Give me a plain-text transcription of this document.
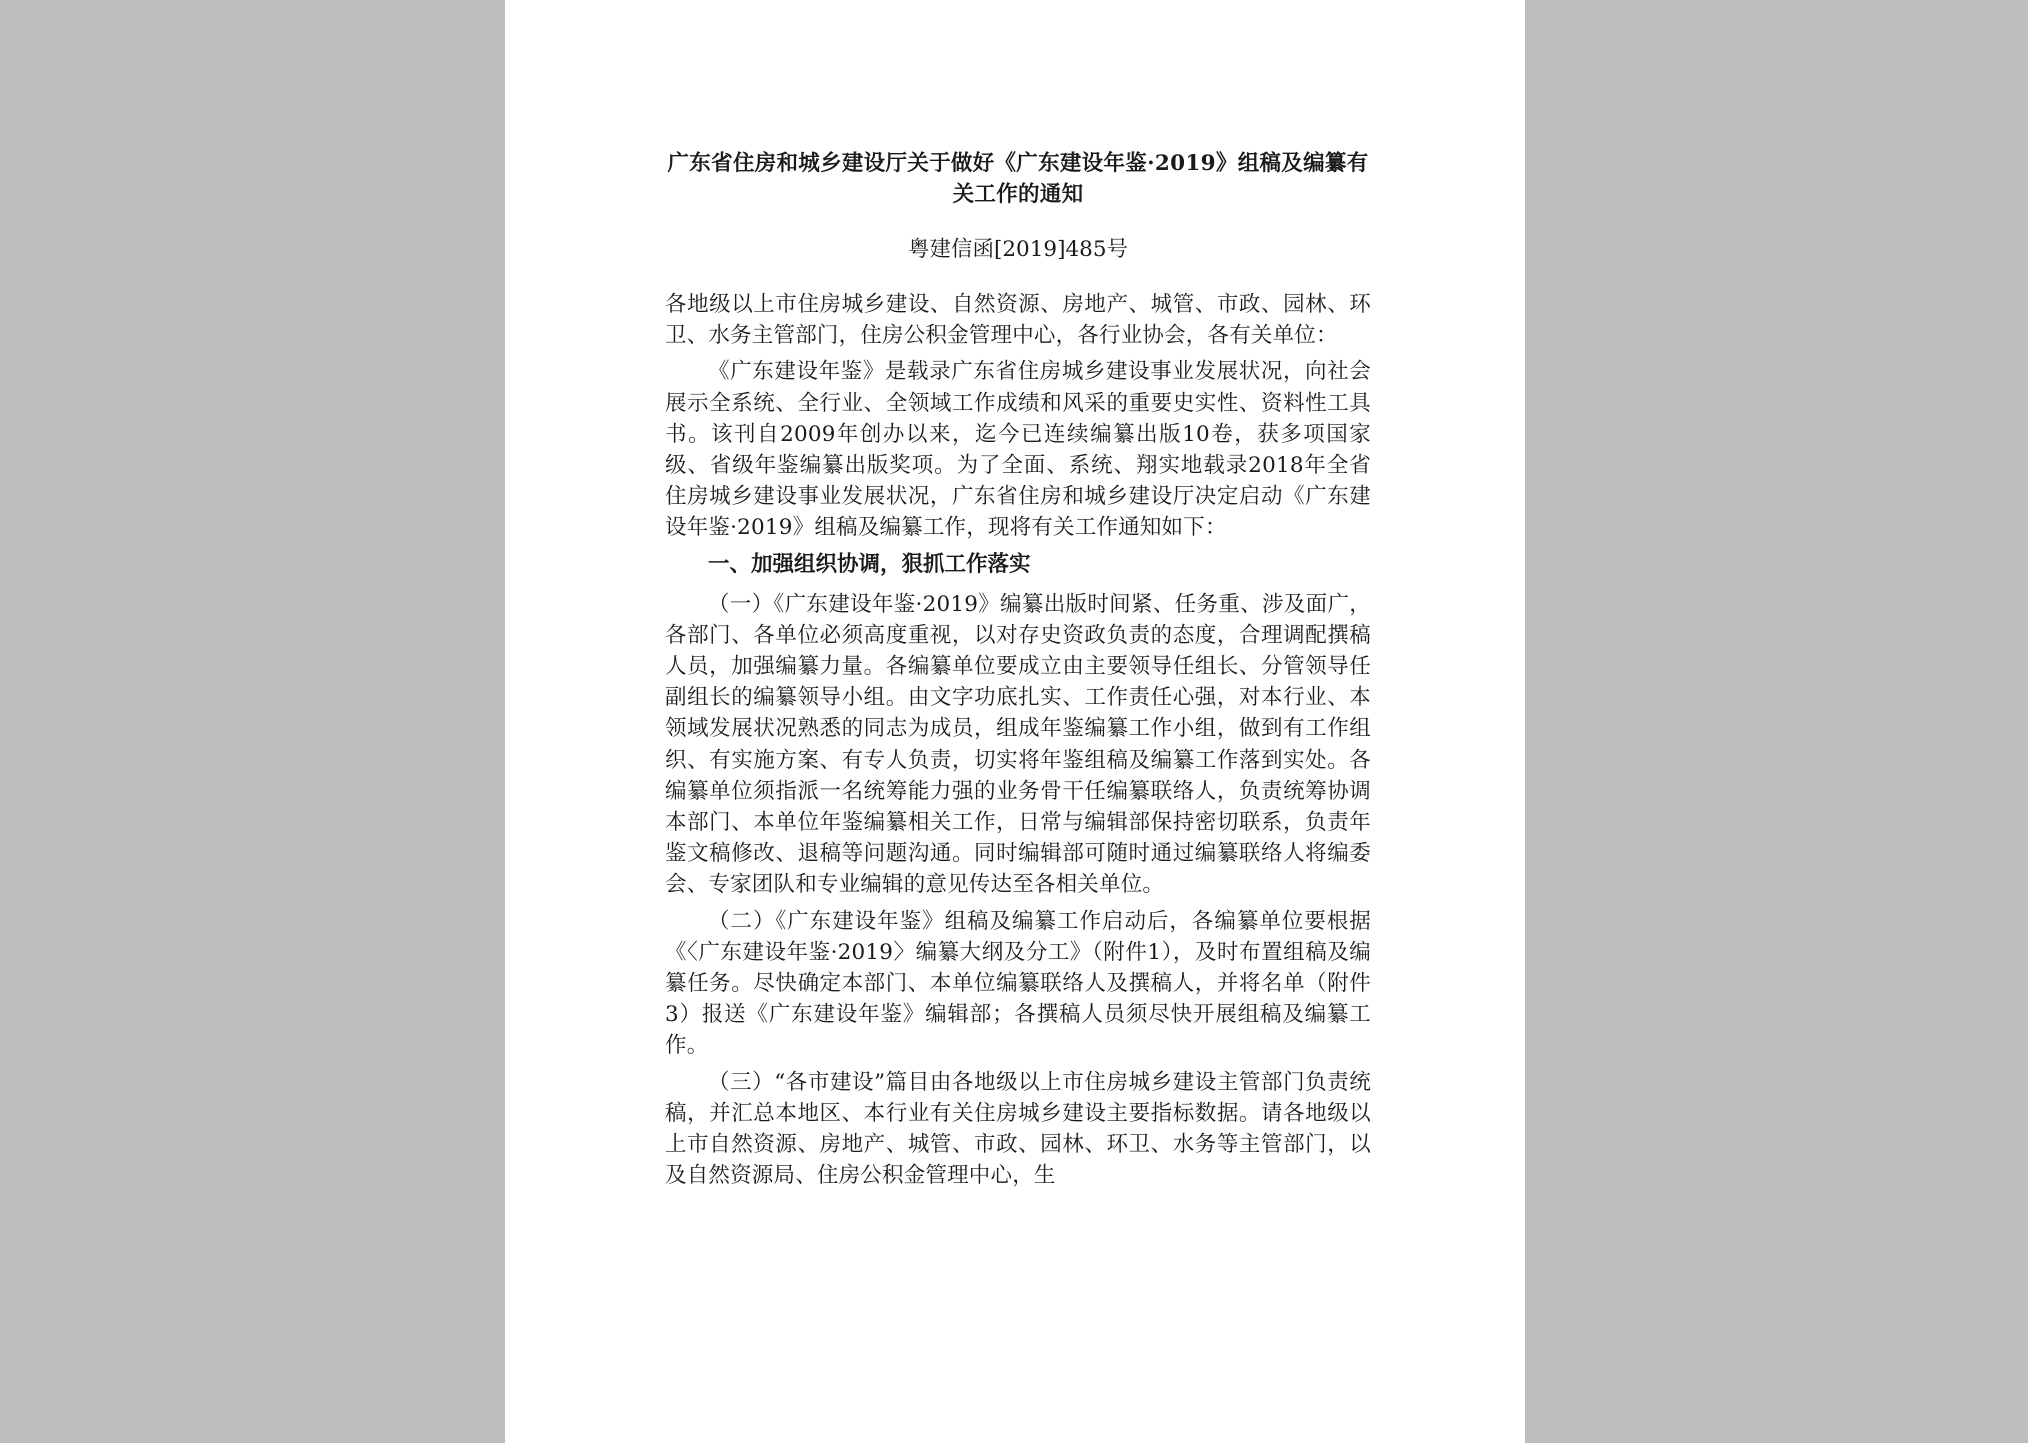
广东省住房和城乡建设厅关于做好《广东建设年鉴·2019》组稿及编纂有关工作的通知
粤建信函[2019]485号

各地级以上市住房城乡建设、自然资源、房地产、城管、市政、园林、环卫、水务主管部门，住房公积金管理中心，各行业协会，各有关单位：

《广东建设年鉴》是载录广东省住房城乡建设事业发展状况，向社会展示全系统、全行业、全领域工作成绩和风采的重要史实性、资料性工具书。该刊自2009年创办以来，迄今已连续编纂出版10卷，获多项国家级、省级年鉴编纂出版奖项。为了全面、系统、翔实地载录2018年全省住房城乡建设事业发展状况，广东省住房和城乡建设厅决定启动《广东建设年鉴·2019》组稿及编纂工作，现将有关工作通知如下：

一、加强组织协调，狠抓工作落实

（一）《广东建设年鉴·2019》编纂出版时间紧、任务重、涉及面广，各部门、各单位必须高度重视，以对存史资政负责的态度，合理调配撰稿人员，加强编纂力量。各编纂单位要成立由主要领导任组长、分管领导任副组长的编纂领导小组。由文字功底扎实、工作责任心强，对本行业、本领域发展状况熟悉的同志为成员，组成年鉴编纂工作小组，做到有工作组织、有实施方案、有专人负责，切实将年鉴组稿及编纂工作落到实处。各编纂单位须指派一名统筹能力强的业务骨干任编纂联络人，负责统筹协调本部门、本单位年鉴编纂相关工作，日常与编辑部保持密切联系，负责年鉴文稿修改、退稿等问题沟通。同时编辑部可随时通过编纂联络人将编委会、专家团队和专业编辑的意见传达至各相关单位。

（二）《广东建设年鉴》组稿及编纂工作启动后，各编纂单位要根据《〈广东建设年鉴·2019〉编纂大纲及分工》（附件1），及时布置组稿及编纂任务。尽快确定本部门、本单位编纂联络人及撰稿人，并将名单（附件3）报送《广东建设年鉴》编辑部；各撰稿人员须尽快开展组稿及编纂工作。

（三）“各市建设”篇目由各地级以上市住房城乡建设主管部门负责统稿，并汇总本地区、本行业有关住房城乡建设主要指标数据。请各地级以上市自然资源、房地产、城管、市政、园林、环卫、水务等主管部门，以及自然资源局、住房公积金管理中心，生
